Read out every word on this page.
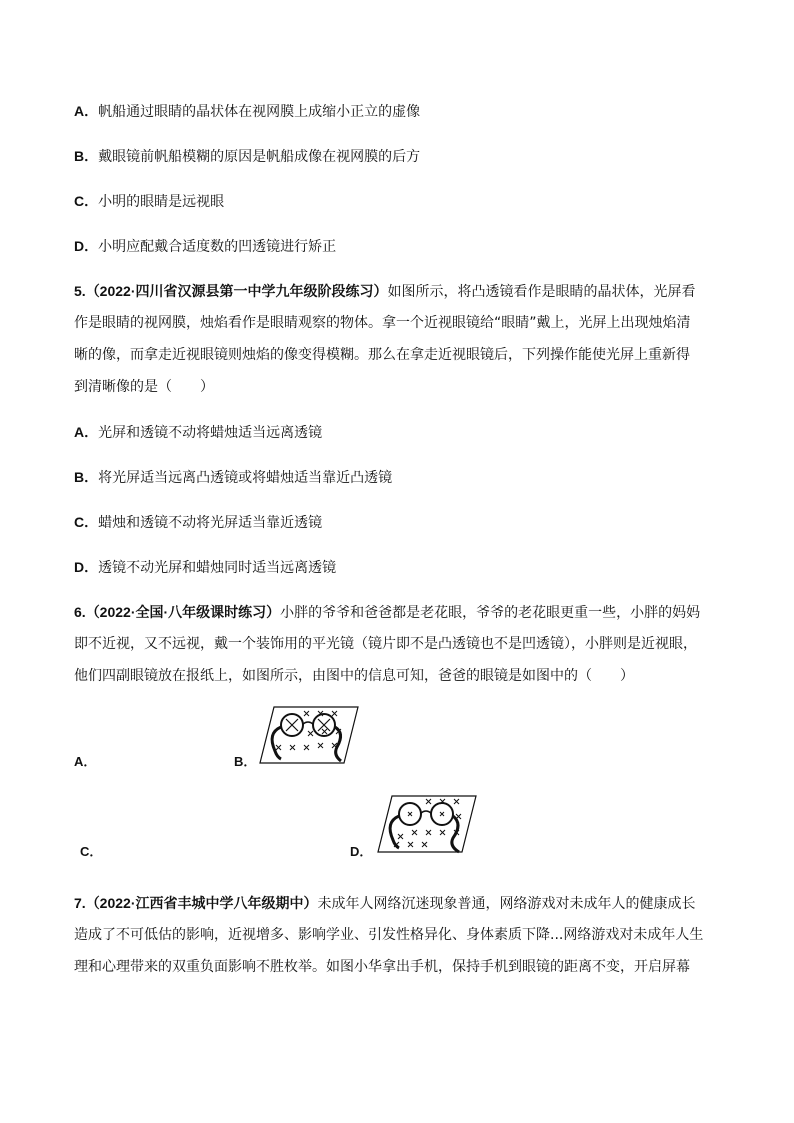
A．帆船通过眼睛的晶状体在视网膜上成缩小正立的虚像
B．戴眼镜前帆船模糊的原因是帆船成像在视网膜的后方
C．小明的眼睛是远视眼
D．小明应配戴合适度数的凹透镜进行矫正
5.（2022·四川省汉源县第一中学九年级阶段练习）如图所示，将凸透镜看作是眼睛的晶状体，光屏看
作是眼睛的视网膜，烛焰看作是眼睛观察的物体。拿一个近视眼镜给“眼睛”戴上，光屏上出现烛焰清
晰的像，而拿走近视眼镜则烛焰的像变得模糊。那么在拿走近视眼镜后，下列操作能使光屏上重新得
到清晰像的是（　　）
A．光屏和透镜不动将蜡烛适当远离透镜
B．将光屏适当远离凸透镜或将蜡烛适当靠近凸透镜
C．蜡烛和透镜不动将光屏适当靠近透镜
D．透镜不动光屏和蜡烛同时适当远离透镜
6.（2022·全国·八年级课时练习）小胖的爷爷和爸爸都是老花眼，爷爷的老花眼更重一些，小胖的妈妈
即不近视，又不远视，戴一个装饰用的平光镜（镜片即不是凸透镜也不是凹透镜），小胖则是近视眼，
他们四副眼镜放在报纸上，如图所示，由图中的信息可知，爸爸的眼镜是如图中的（　　）
A．	B．
C．	D．
7.（2022·江西省丰城中学八年级期中）未成年人网络沉迷现象普通，网络游戏对未成年人的健康成长
造成了不可低估的影响，近视增多、影响学业、引发性格异化、身体素质下降...网络游戏对未成年人生
理和心理带来的双重负面影响不胜枚举。如图小华拿出手机，保持手机到眼镜的距离不变，开启屏幕
